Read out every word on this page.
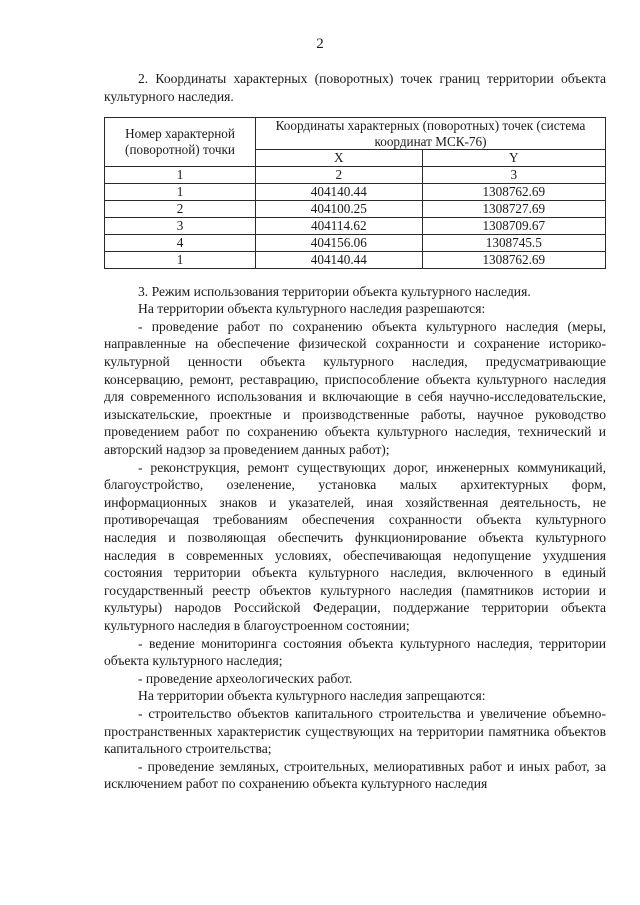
2

2. Координаты характерных (поворотных) точек границ территории объекта культурного наследия.

Номер характерной (поворотной) точки	Координаты характерных (поворотных) точек (система координат МСК-76)	
	X	Y
1	2	3
1	404140.44	1308762.69
2	404100.25	1308727.69
3	404114.62	1308709.67
4	404156.06	1308745.5
1	404140.44	1308762.69

3. Режим использования территории объекта культурного наследия.

На территории объекта культурного наследия разрешаются:

- проведение работ по сохранению объекта культурного наследия (меры, направленные на обеспечение физической сохранности и сохранение историко-культурной ценности объекта культурного наследия, предусматривающие консервацию, ремонт, реставрацию, приспособление объекта культурного наследия для современного использования и включающие в себя научно-исследовательские, изыскательские, проектные и производственные работы, научное руководство проведением работ по сохранению объекта культурного наследия, технический и авторский надзор за проведением данных работ);

- реконструкция, ремонт существующих дорог, инженерных коммуникаций, благоустройство, озеленение, установка малых архитектурных форм, информационных знаков и указателей, иная хозяйственная деятельность, не противоречащая требованиям обеспечения сохранности объекта культурного наследия и позволяющая обеспечить функционирование объекта культурного наследия в современных условиях, обеспечивающая недопущение ухудшения состояния территории объекта культурного наследия, включенного в единый государственный реестр объектов культурного наследия (памятников истории и культуры) народов Российской Федерации, поддержание территории объекта культурного наследия в благоустроенном состоянии;

- ведение мониторинга состояния объекта культурного наследия, территории объекта культурного наследия;

- проведение археологических работ.

На территории объекта культурного наследия запрещаются:

- строительство объектов капитального строительства и увеличение объемно-пространственных характеристик существующих на территории памятника объектов капитального строительства;

- проведение земляных, строительных, мелиоративных работ и иных работ, за исключением работ по сохранению объекта культурного наследия
